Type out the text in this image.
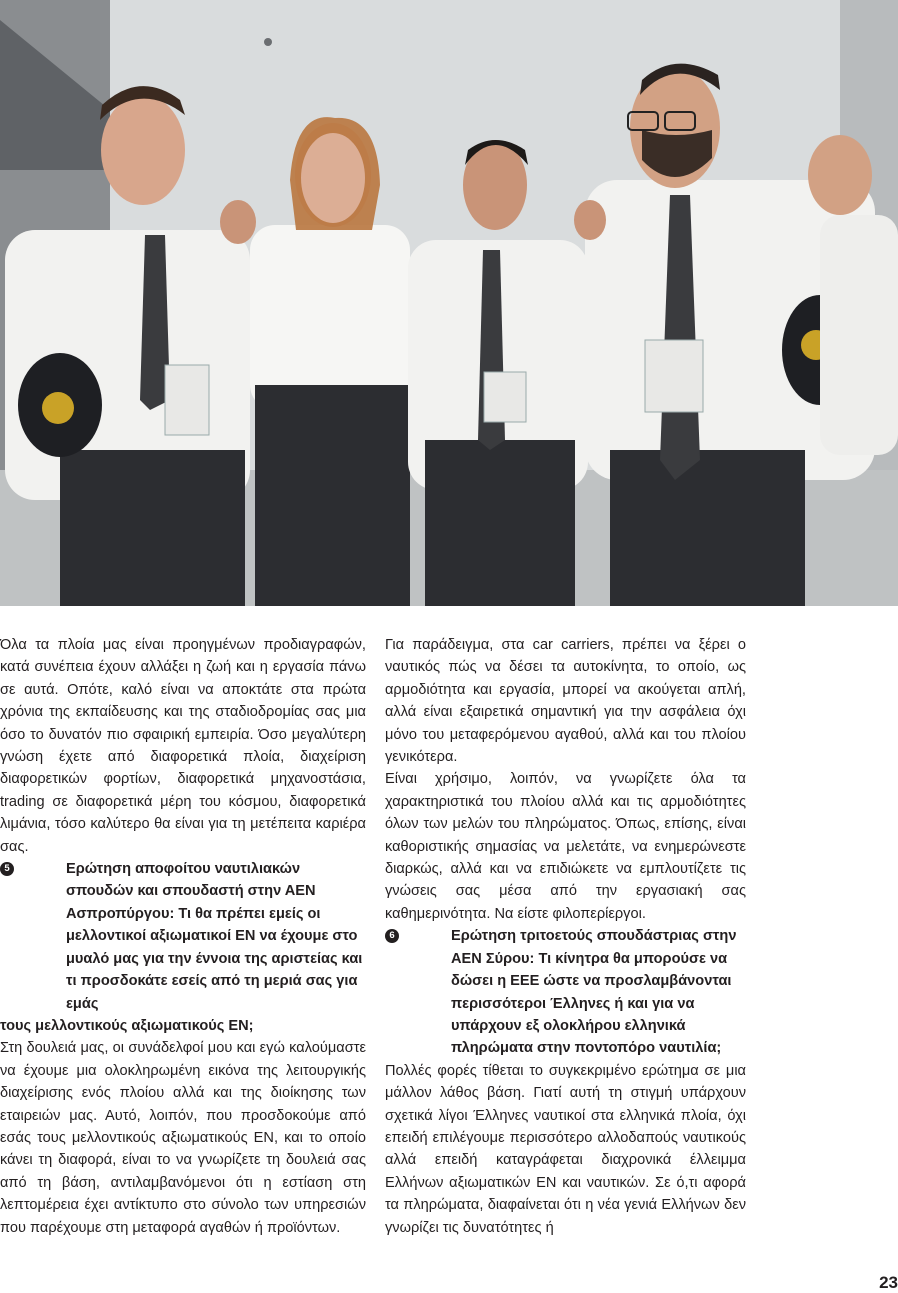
Όλα τα πλοία μας είναι προηγμένων προδιαγραφών, κατά συνέπεια έχουν αλλάξει η ζωή και η εργασία πάνω σε αυτά. Οπότε, καλό είναι να αποκτάτε στα πρώτα χρόνια της εκπαίδευσης και της σταδιοδρομίας σας μια όσο το δυνατόν πιο σφαιρική εμπειρία. Όσο μεγαλύτερη γνώση έχετε από διαφορετικά πλοία, διαχείριση διαφορετικών φορτίων, διαφορετικά μηχανοστάσια, trading σε διαφορετικά μέρη του κόσμου, διαφορετικά λιμάνια, τόσο καλύτερο θα είναι για τη μετέπειτα καριέρα σας.

5	Ερώτηση αποφοίτου ναυτιλιακών σπουδών και σπουδαστή στην ΑΕΝ Ασπροπύργου: Τι θα πρέπει εμείς οι μελλοντικοί αξιωματικοί ΕΝ να έχουμε στο μυαλό μας για την έννοια της αριστείας και τι προσδοκάτε εσείς από τη μεριά σας για εμάς

τους μελλοντικούς αξιωματικούς ΕΝ;

Στη δουλειά μας, οι συνάδελφοί μου και εγώ καλούμαστε να έχουμε μια ολοκληρωμένη εικόνα της λειτουργικής διαχείρισης ενός πλοίου αλλά και της διοίκησης των εταιρειών μας. Αυτό, λοιπόν, που προσδοκούμε από εσάς τους μελλοντικούς αξιωματικούς ΕΝ, και το οποίο κάνει τη διαφορά, είναι το να γνωρίζετε τη δουλειά σας από τη βάση, αντιλαμβανόμενοι ότι η εστίαση στη λεπτομέρεια έχει αντίκτυπο στο σύνολο των υπηρεσιών που παρέχουμε στη μεταφορά αγαθών ή προϊόντων.

Για παράδειγμα, στα car carriers, πρέπει να ξέρει ο ναυτικός πώς να δέσει τα αυτοκίνητα, το οποίο, ως αρμοδιότητα και εργασία, μπορεί να ακούγεται απλή, αλλά είναι εξαιρετικά σημαντική για την ασφάλεια όχι μόνο του μεταφερόμενου αγαθού, αλλά και του πλοίου γενικότερα.

Είναι χρήσιμο, λοιπόν, να γνωρίζετε όλα τα χαρακτηριστικά του πλοίου αλλά και τις αρμοδιότητες όλων των μελών του πληρώματος. Όπως, επίσης, είναι καθοριστικής σημασίας να μελετάτε, να ενημερώνεστε διαρκώς, αλλά και να επιδιώκετε να εμπλουτίζετε τις γνώσεις σας μέσα από την εργασιακή σας καθημερινότητα. Να είστε φιλοπερίεργοι.

6	Ερώτηση τριτοετούς σπουδάστριας στην ΑΕΝ Σύρου: Τι κίνητρα θα μπορούσε να δώσει η ΕΕΕ ώστε να προσλαμβάνονται περισσότεροι Έλληνες ή και για να υπάρχουν εξ ολοκλήρου ελληνικά πληρώματα στην ποντοπόρο ναυτιλία;

Πολλές φορές τίθεται το συγκεκριμένο ερώτημα σε μια μάλλον λάθος βάση. Γιατί αυτή τη στιγμή υπάρχουν σχετικά λίγοι Έλληνες ναυτικοί στα ελληνικά πλοία, όχι επειδή επιλέγουμε περισσότερο αλλοδαπούς ναυτικούς αλλά επειδή καταγράφεται διαχρονικά έλλειμμα Ελλήνων αξιωματικών ΕΝ και ναυτικών. Σε ό,τι αφορά τα πληρώματα, διαφαίνεται ότι η νέα γενιά Ελλήνων δεν γνωρίζει τις δυνατότητες ή

23
